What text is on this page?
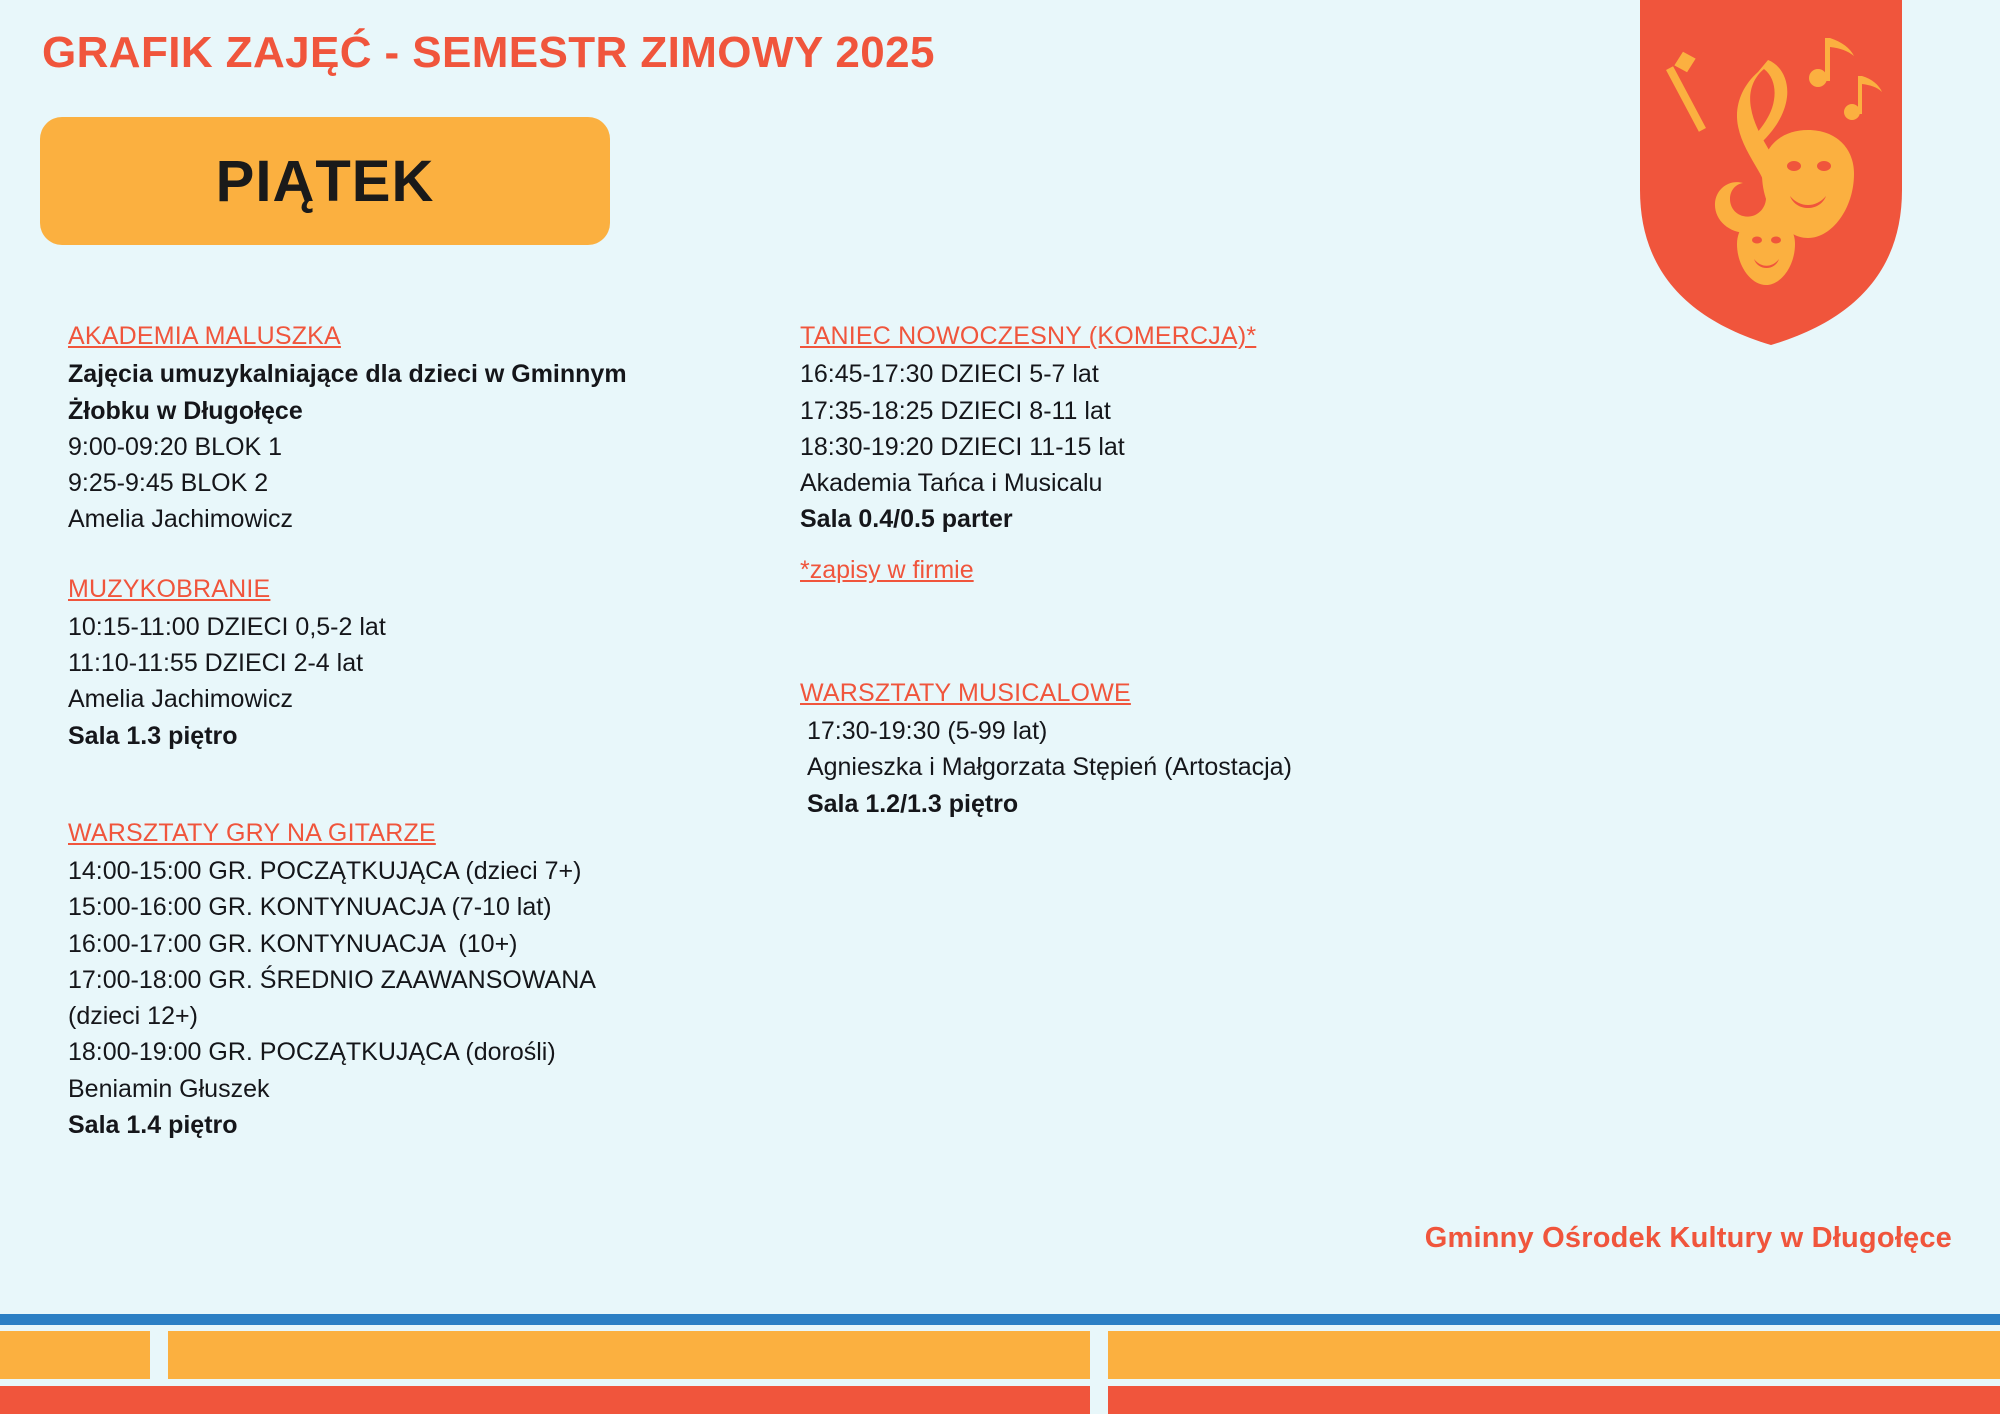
GRAFIK ZAJĘĆ - SEMESTR ZIMOWY 2025
PIĄTEK
AKADEMIA MALUSZKA
Zajęcia umuzykalniające dla dzieci w Gminnym
Żłobku w Długołęce
9:00-09:20 BLOK 1
9:25-9:45 BLOK 2
Amelia Jachimowicz
MUZYKOBRANIE
10:15-11:00 DZIECI 0,5-2 lat
11:10-11:55 DZIECI 2-4 lat
Amelia Jachimowicz
Sala 1.3 piętro
WARSZTATY GRY NA GITARZE
14:00-15:00 GR. POCZĄTKUJĄCA (dzieci 7+)
15:00-16:00 GR. KONTYNUACJA (7-10 lat)
16:00-17:00 GR. KONTYNUACJA  (10+)
17:00-18:00 GR. ŚREDNIO ZAAWANSOWANA
(dzieci 12+)
18:00-19:00 GR. POCZĄTKUJĄCA (dorośli)
Beniamin Głuszek
Sala 1.4 piętro
TANIEC NOWOCZESNY (KOMERCJA)*
16:45-17:30 DZIECI 5-7 lat
17:35-18:25 DZIECI 8-11 lat
18:30-19:20 DZIECI 11-15 lat
Akademia Tańca i Musicalu
Sala 0.4/0.5 parter
*zapisy w firmie
WARSZTATY MUSICALOWE
17:30-19:30 (5-99 lat)
Agnieszka i Małgorzata Stępień (Artostacja)
Sala 1.2/1.3 piętro
Gminny Ośrodek Kultury w Długołęce
